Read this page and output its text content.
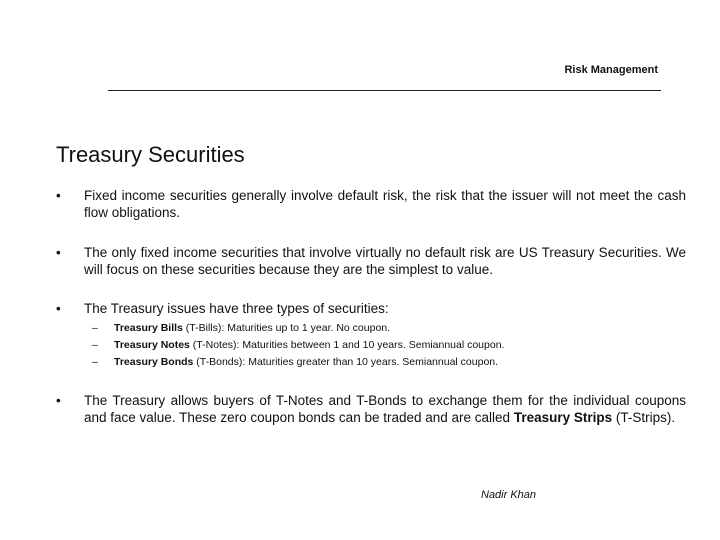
Risk Management
Treasury Securities
• Fixed income securities generally involve default risk, the risk that the issuer will not meet the cash flow obligations.
• The only fixed income securities that involve virtually no default risk are US Treasury Securities. We will focus on these securities because they are the simplest to value.
• The Treasury issues have three types of securities:
– Treasury Bills (T-Bills): Maturities up to 1 year. No coupon.
– Treasury Notes (T-Notes): Maturities between 1 and 10 years. Semiannual coupon.
– Treasury Bonds (T-Bonds): Maturities greater than 10 years. Semiannual coupon.
• The Treasury allows buyers of T-Notes and T-Bonds to exchange them for the individual coupons and face value. These zero coupon bonds can be traded and are called Treasury Strips (T-Strips).
Nadir Khan
